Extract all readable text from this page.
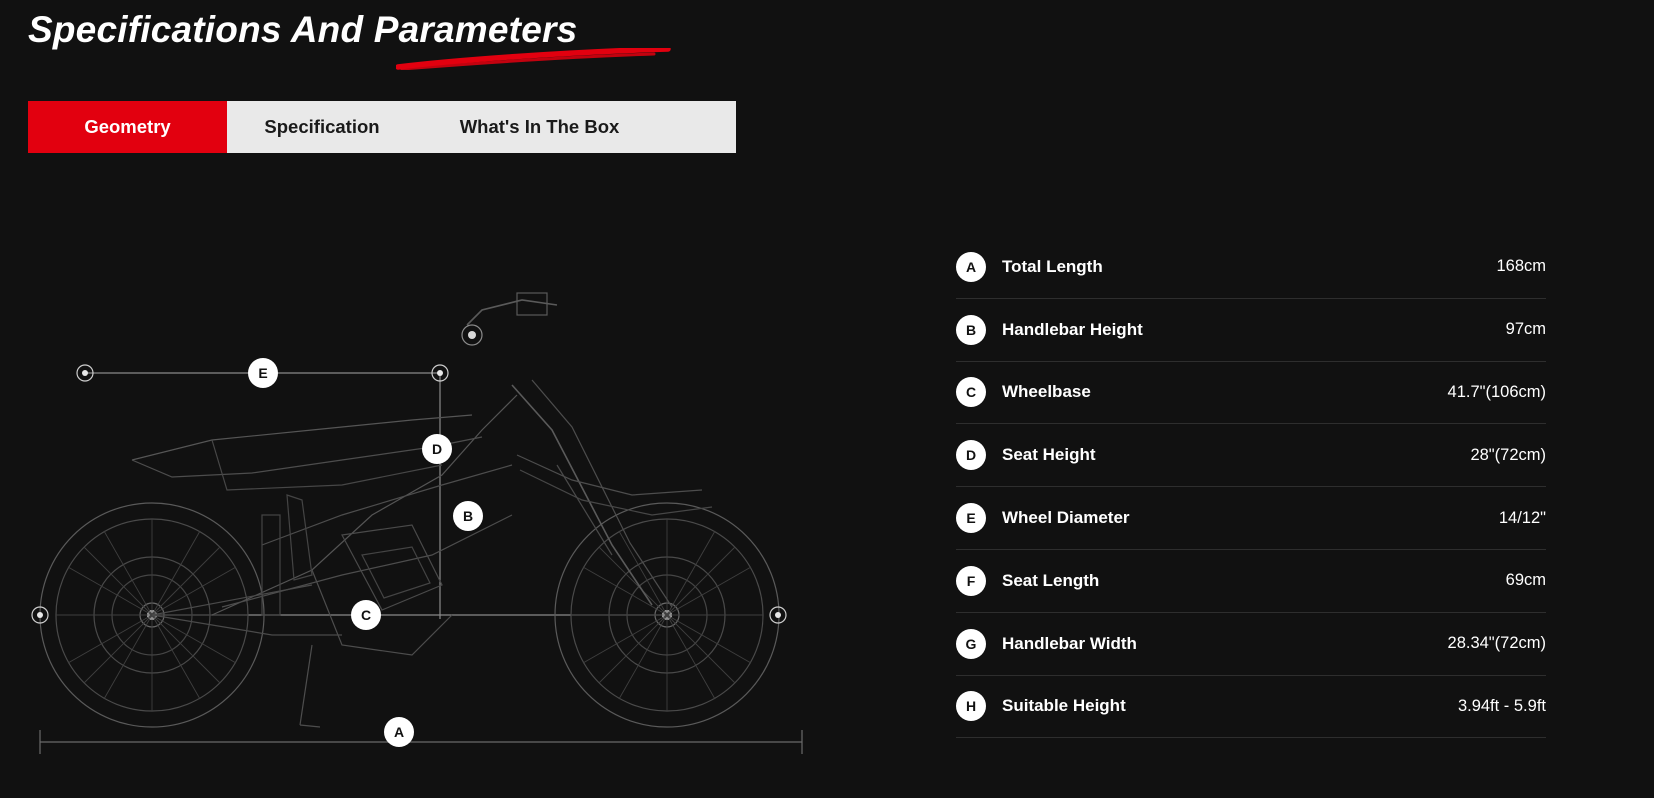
Specifications And Parameters
Geometry	Specification	What's In The Box
E
D
B
C
A
A	Total Length	168cm
B	Handlebar Height	97cm
C	Wheelbase	41.7"(106cm)
D	Seat Height	28"(72cm)
E	Wheel Diameter	14/12"
F	Seat Length	69cm
G	Handlebar Width	28.34"(72cm)
H	Suitable Height	3.94ft - 5.9ft
